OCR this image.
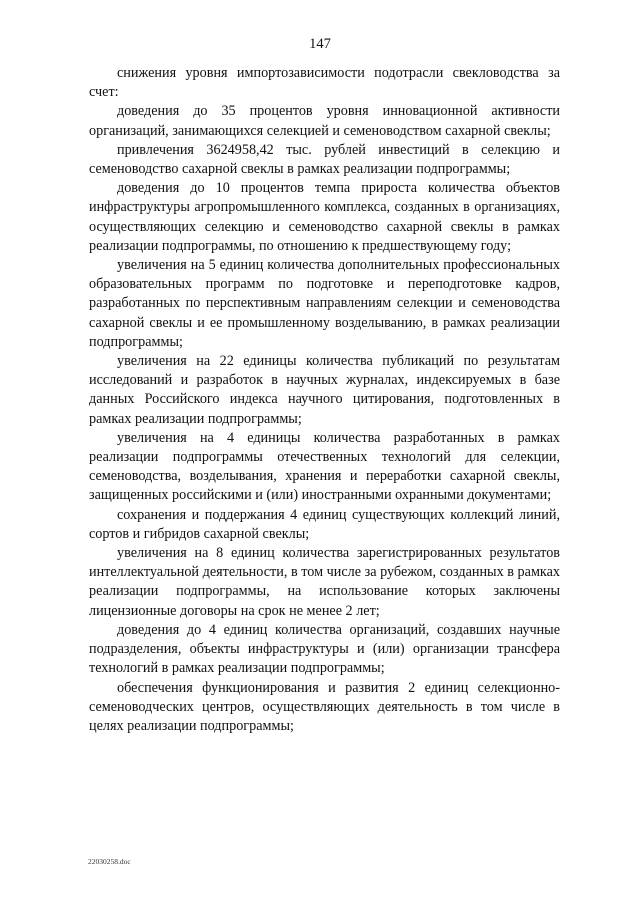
147

снижения уровня импортозависимости подотрасли свекловодства за счет:

доведения до 35 процентов уровня инновационной активности организаций, занимающихся селекцией и семеноводством сахарной свеклы;

привлечения 3624958,42 тыс. рублей инвестиций в селекцию и семеноводство сахарной свеклы в рамках реализации подпрограммы;

доведения до 10 процентов темпа прироста количества объектов инфраструктуры агропромышленного комплекса, созданных в организациях, осуществляющих селекцию и семеноводство сахарной свеклы в рамках реализации подпрограммы, по отношению к предшествующему году;

увеличения на 5 единиц количества дополнительных профессиональных образовательных программ по подготовке и переподготовке кадров, разработанных по перспективным направлениям селекции и семеноводства сахарной свеклы и ее промышленному возделыванию, в рамках реализации подпрограммы;

увеличения на 22 единицы количества публикаций по результатам исследований и разработок в научных журналах, индексируемых в базе данных Российского индекса научного цитирования, подготовленных в рамках реализации подпрограммы;

увеличения на 4 единицы количества разработанных в рамках реализации подпрограммы отечественных технологий для селекции, семеноводства, возделывания, хранения и переработки сахарной свеклы, защищенных российскими и (или) иностранными охранными документами;

сохранения и поддержания 4 единиц существующих коллекций линий, сортов и гибридов сахарной свеклы;

увеличения на 8 единиц количества зарегистрированных результатов интеллектуальной деятельности, в том числе за рубежом, созданных в рамках реализации подпрограммы, на использование которых заключены лицензионные договоры на срок не менее 2 лет;

доведения до 4 единиц количества организаций, создавших научные подразделения, объекты инфраструктуры и (или) организации трансфера технологий в рамках реализации подпрограммы;

обеспечения функционирования и развития 2 единиц селекционно-семеноводческих центров, осуществляющих деятельность в том числе в целях реализации подпрограммы;

22030258.doc
